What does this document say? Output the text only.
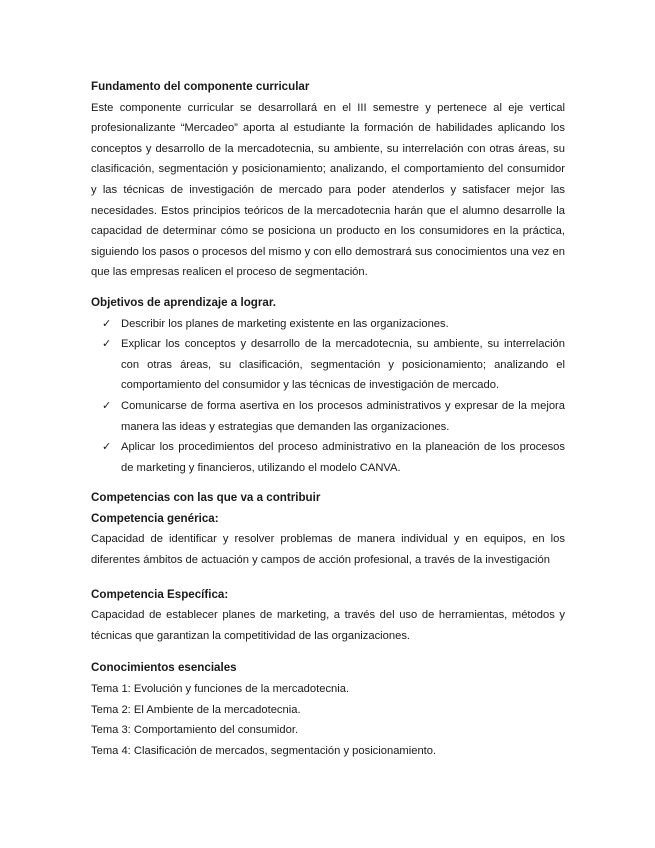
Fundamento del componente curricular

Este componente curricular se desarrollará en el III semestre y pertenece al eje vertical profesionalizante “Mercadeo” aporta al estudiante la formación de habilidades aplicando los conceptos y desarrollo de la mercadotecnia, su ambiente, su interrelación con otras áreas, su clasificación, segmentación y posicionamiento; analizando, el comportamiento del consumidor y las técnicas de investigación de mercado para poder atenderlos y satisfacer mejor las necesidades. Estos principios teóricos de la mercadotecnia harán que el alumno desarrolle la capacidad de determinar cómo se posiciona un producto en los consumidores en la práctica, siguiendo los pasos o procesos del mismo y con ello demostrará sus conocimientos una vez en que las empresas realicen el proceso de segmentación.

Objetivos de aprendizaje a lograr.

✓ Describir los planes de marketing existente en las organizaciones.
✓ Explicar los conceptos y desarrollo de la mercadotecnia, su ambiente, su interrelación con otras áreas, su clasificación, segmentación y posicionamiento; analizando el comportamiento del consumidor y las técnicas de investigación de mercado.
✓ Comunicarse de forma asertiva en los procesos administrativos y expresar de la mejora manera las ideas y estrategias que demanden las organizaciones.
✓ Aplicar los procedimientos del proceso administrativo en la planeación de los procesos de marketing y financieros, utilizando el modelo CANVA.

Competencias con las que va a contribuir

Competencia genérica:

Capacidad de identificar y resolver problemas de manera individual y en equipos, en los diferentes ámbitos de actuación y campos de acción profesional, a través de la investigación

Competencia Específica:

Capacidad de establecer planes de marketing, a través del uso de herramientas, métodos y técnicas que garantizan la competitividad de las organizaciones.

Conocimientos esenciales

Tema 1: Evolución y funciones de la mercadotecnia.

Tema 2: El Ambiente de la mercadotecnia.

Tema 3: Comportamiento del consumidor.

Tema 4: Clasificación de mercados, segmentación y posicionamiento.
